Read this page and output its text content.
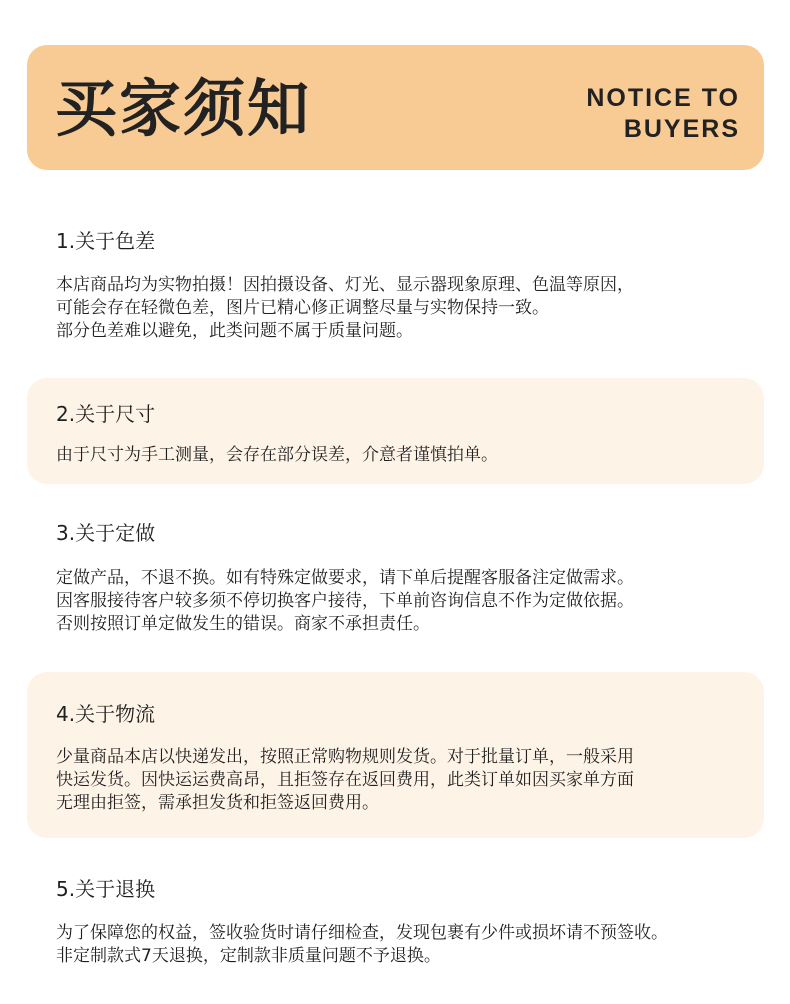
买家须知	NOTICE TO
BUYERS
1.关于色差
本店商品均为实物拍摄！因拍摄设备、灯光、显示器现象原理、色温等原因，
可能会存在轻微色差，图片已精心修正调整尽量与实物保持一致。
部分色差难以避免，此类问题不属于质量问题。
2.关于尺寸
由于尺寸为手工测量，会存在部分误差，介意者谨慎拍单。
3.关于定做
定做产品，不退不换。如有特殊定做要求，请下单后提醒客服备注定做需求。
因客服接待客户较多须不停切换客户接待，下单前咨询信息不作为定做依据。
否则按照订单定做发生的错误。商家不承担责任。
4.关于物流
少量商品本店以快递发出，按照正常购物规则发货。对于批量订单，一般采用
快运发货。因快运运费高昂，且拒签存在返回费用，此类订单如因买家单方面
无理由拒签，需承担发货和拒签返回费用。
5.关于退换
为了保障您的权益，签收验货时请仔细检查，发现包裹有少件或损坏请不预签收。
非定制款式7天退换，定制款非质量问题不予退换。
